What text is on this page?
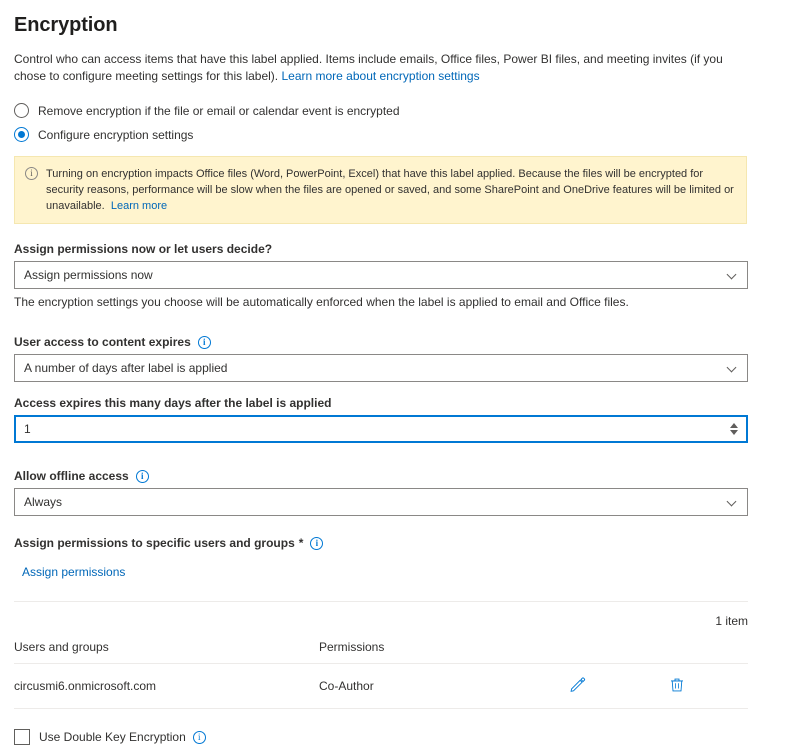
Encryption

Control who can access items that have this label applied. Items include emails, Office files, Power BI files, and meeting invites (if you chose to configure meeting settings for this label). Learn more about encryption settings

Remove encryption if the file or email or calendar event is encrypted
Configure encryption settings
i	Turning on encryption impacts Office files (Word, PowerPoint, Excel) that have this label applied. Because the files will be encrypted for security reasons, performance will be slow when the files are opened or saved, and some SharePoint and OneDrive features will be limited or unavailable. Learn more
Assign permissions now or let users decide?
Assign permissions now

The encryption settings you choose will be automatically enforced when the label is applied to email and Office files.

User access to content expires	i
A number of days after label is applied
Access expires this many days after the label is applied
1
Allow offline access	i
Always
Assign permissions to specific users and groups *	i
Assign permissions
1 item
Users and groups	Permissions		
circusmi6.onmicrosoft.com	Co-Author		
Use Double Key Encryption	i
